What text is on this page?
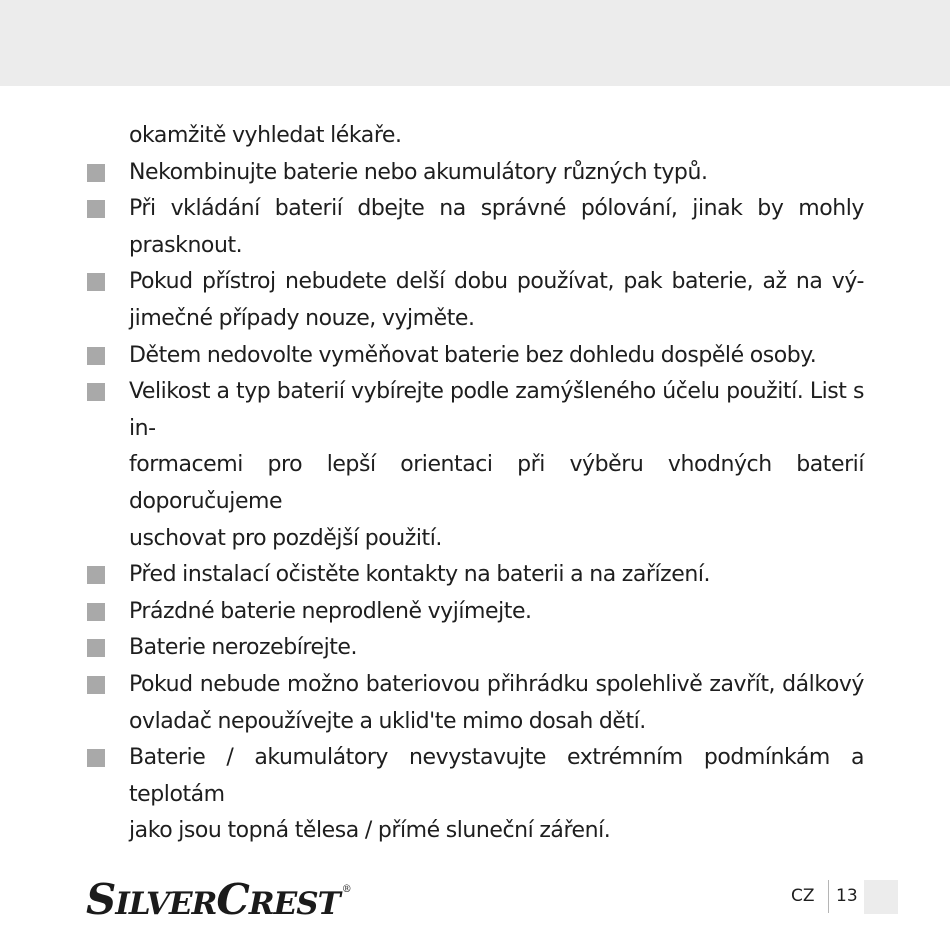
okamžitě vyhledat lékaře.
Nekombinujte baterie nebo akumulátory různých typů.
Při vkládání baterií dbejte na správné pólování, jinak by mohly prasknout.
Pokud přístroj nebudete delší dobu používat, pak baterie, až na vý-
jimečné případy nouze, vyjměte.
Dětem nedovolte vyměňovat baterie bez dohledu dospělé osoby.
Velikost a typ baterií vybírejte podle zamýšleného účelu použití. List s in-
formacemi pro lepší orientaci při výběru vhodných baterií doporučujeme
uschovat pro pozdější použití.
Před instalací očistěte kontakty na baterii a na zařízení.
Prázdné baterie neprodleně vyjímejte.
Baterie nerozebírejte.
Pokud nebude možno bateriovou přihrádku spolehlivě zavřít, dálkový
ovladač nepoužívejte a uklid'te mimo dosah dětí.
Baterie / akumulátory nevystavujte extrémním podmínkám a teplotám
jako jsou topná tělesa / přímé sluneční záření.
SILVERCREST ®	CZ 13
